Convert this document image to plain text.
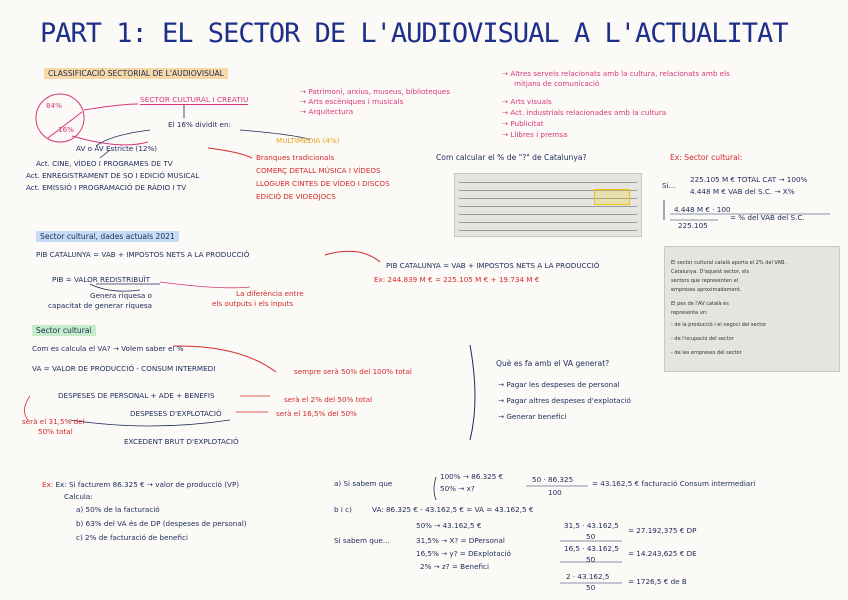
PART 1: EL SECTOR DE L'AUDIOVISUAL A L'ACTUALITAT
CLASSIFICACIÓ SECTORIAL DE L'AUDIOVISUAL
84%
16%
SECTOR CULTURAL I CREATIU
→ Patrimoni, arxius, museus, biblioteques
→ Arts escèniques i musicals
→ Arquitectura
→ Altres serveis relacionats amb la cultura, relacionats amb els
mitjans de comunicació
→ Arts visuals
→ Act. industrials relacionades amb la cultura
→ Publicitat
→ Llibres i premsa
El 16% dividit en:
MULTIMÈDIA (4%)
AV o AV Estricte (12%)
Act. CINE, VÍDEO I PROGRAMES DE TV
Act. ENREGISTRAMENT DE SO I EDICIÓ MUSICAL
Act. EMISSIÓ I PROGRAMACIÓ DE RÀDIO I TV
Branques tradicionals
COMERÇ DETALL MÚSICA I VÍDEOS
LLOGUER CINTES DE VÍDEO I DISCOS
EDICIÓ DE VIDEOJOCS
Com calcular el % de "?" de Catalunya?	Ex: Sector cultural:
Si...
225.105 M € TOTAL CAT → 100%
4.448 M € VAB del S.C. → X%
4.448 M € · 100
225.105
= % del VAB del S.C.
El sector cultural català aporta el 2% del VAB.
Catalunya. D'aquest sector, els
sectors que representen el
empreses aproximadament.
El pes de l'AV català és
representa un:
- de la producció i el negoci del sector
- de l'ocupació del sector
- de les empreses del sector
Sector cultural, dades actuals 2021
PIB CATALUNYA = VAB + IMPOSTOS NETS A LA PRODUCCIÓ
PIB = VALOR REDISTRIBUÏT
Genera riquesa o
capacitat de generar riquesa
La diferència entre
els outputs i els inputs
PIB CATALUNYA = VAB + IMPOSTOS NETS A LA PRODUCCIÓ
Ex: 244.839 M € = 225.105 M € + 19.734 M €
Sector cultural
Com es calcula el VA? → Volem saber el %
VA = VALOR DE PRODUCCIÓ - CONSUM INTERMEDI	sempre serà 50% del 100% total
DESPESES DE PERSONAL + ADE + BENEFIS
DESPESES D'EXPLOTACIÓ
EXCEDENT BRUT D'EXPLOTACIÓ
serà el 31,5% del
50% total
serà el 2% del 50% total
serà el 16,5% del 50%
Què es fa amb el VA generat?
→ Pagar les despeses de personal
→ Pagar altres despeses d'explotació
→ Generar benefici
Ex: Ex: Si facturem 86.325 € → valor de producció (VP)
Calcula:
a) 50% de la facturació
b) 63% del VA és de DP (despeses de personal)
c) 2% de facturació de benefici
a) Si sabem que
100% → 86.325 €
50% → x?
50 · 86.325
100
= 43.162,5 € facturació Consum intermediari
b i c)	VA: 86.325 € - 43.162,5 € = VA = 43.162,5 €
50% → 43.162,5 €
Si sabem que...	31,5% → X? = DPersonal
16,5% → y? = DExplotació
2% → z? = Benefici
31,5 · 43.162,5
50
= 27.192,375 € DP
16,5 · 43.162,5
50
= 14.243,625 € DE
2 · 43.162,5
50
= 1726,5 € de B
